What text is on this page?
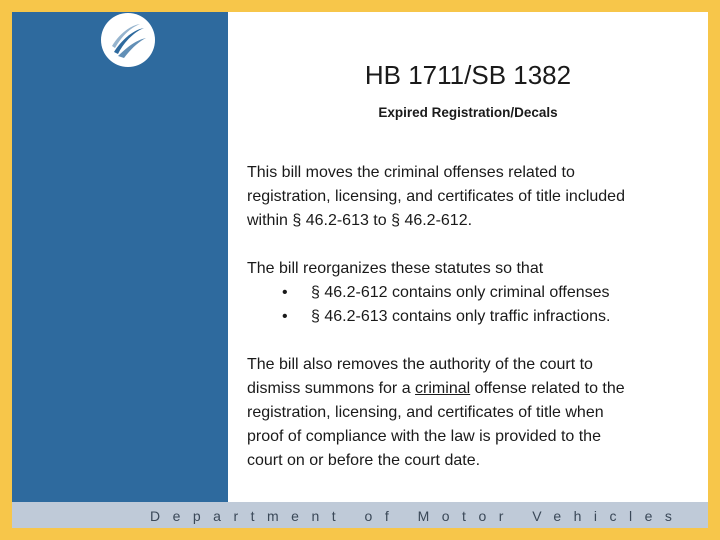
Department of Motor Vehicles
HB 1711/SB 1382
Expired Registration/Decals
This bill moves the criminal offenses related to
registration, licensing, and certificates of title included
within § 46.2-613 to § 46.2-612.
The bill reorganizes these statutes so that
• § 46.2-612 contains only criminal offenses
• § 46.2-613 contains only traffic infractions.
The bill also removes the authority of the court to
dismiss summons for a criminal offense related to the
registration, licensing, and certificates of title when
proof of compliance with the law is provided to the
court on or before the court date.
